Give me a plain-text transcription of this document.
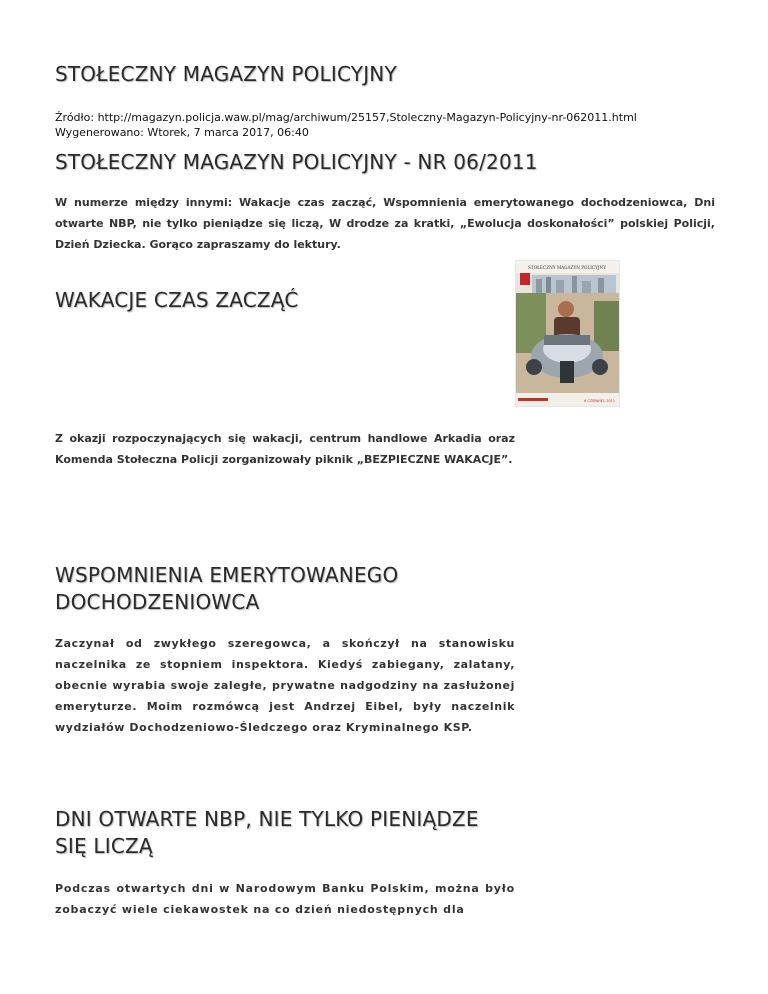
STOŁECZNY MAGAZYN POLICYJNY
Źródło: http://magazyn.policja.waw.pl/mag/archiwum/25157,Stoleczny-Magazyn-Policyjny-nr-062011.html
Wygenerowano: Wtorek, 7 marca 2017, 06:40
STOŁECZNY MAGAZYN POLICYJNY - NR 06/2011
W numerze między innymi: Wakacje czas zacząć, Wspomnienia emerytowanego dochodzeniowca, Dni otwarte NBP, nie tylko pieniądze się liczą, W drodze za kratki, „Ewolucja doskonałości” polskiej Policji, Dzień Dziecka. Gorąco zapraszamy do lektury.
STOŁECZNY MAGAZYN POLICYJNY
6 CZERWIEC 2011
WAKACJE CZAS ZACZĄĆ
Z okazji rozpoczynających się wakacji, centrum handlowe Arkadia oraz Komenda Stołeczna Policji zorganizowały piknik „BEZPIECZNE WAKACJE”.
WSPOMNIENIA EMERYTOWANEGO DOCHODZENIOWCA
Zaczynał od zwykłego szeregowca, a skończył na stanowisku naczelnika ze stopniem inspektora. Kiedyś zabiegany, zalatany, obecnie wyrabia swoje zaległe, prywatne nadgodziny na zasłużonej emeryturze. Moim rozmówcą jest Andrzej Eibel, były naczelnik wydziałów Dochodzeniowo-Śledczego oraz Kryminalnego KSP.
DNI OTWARTE NBP, NIE TYLKO PIENIĄDZE SIĘ LICZĄ
Podczas otwartych dni w Narodowym Banku Polskim, można było zobaczyć wiele ciekawostek na co dzień niedostępnych dla
